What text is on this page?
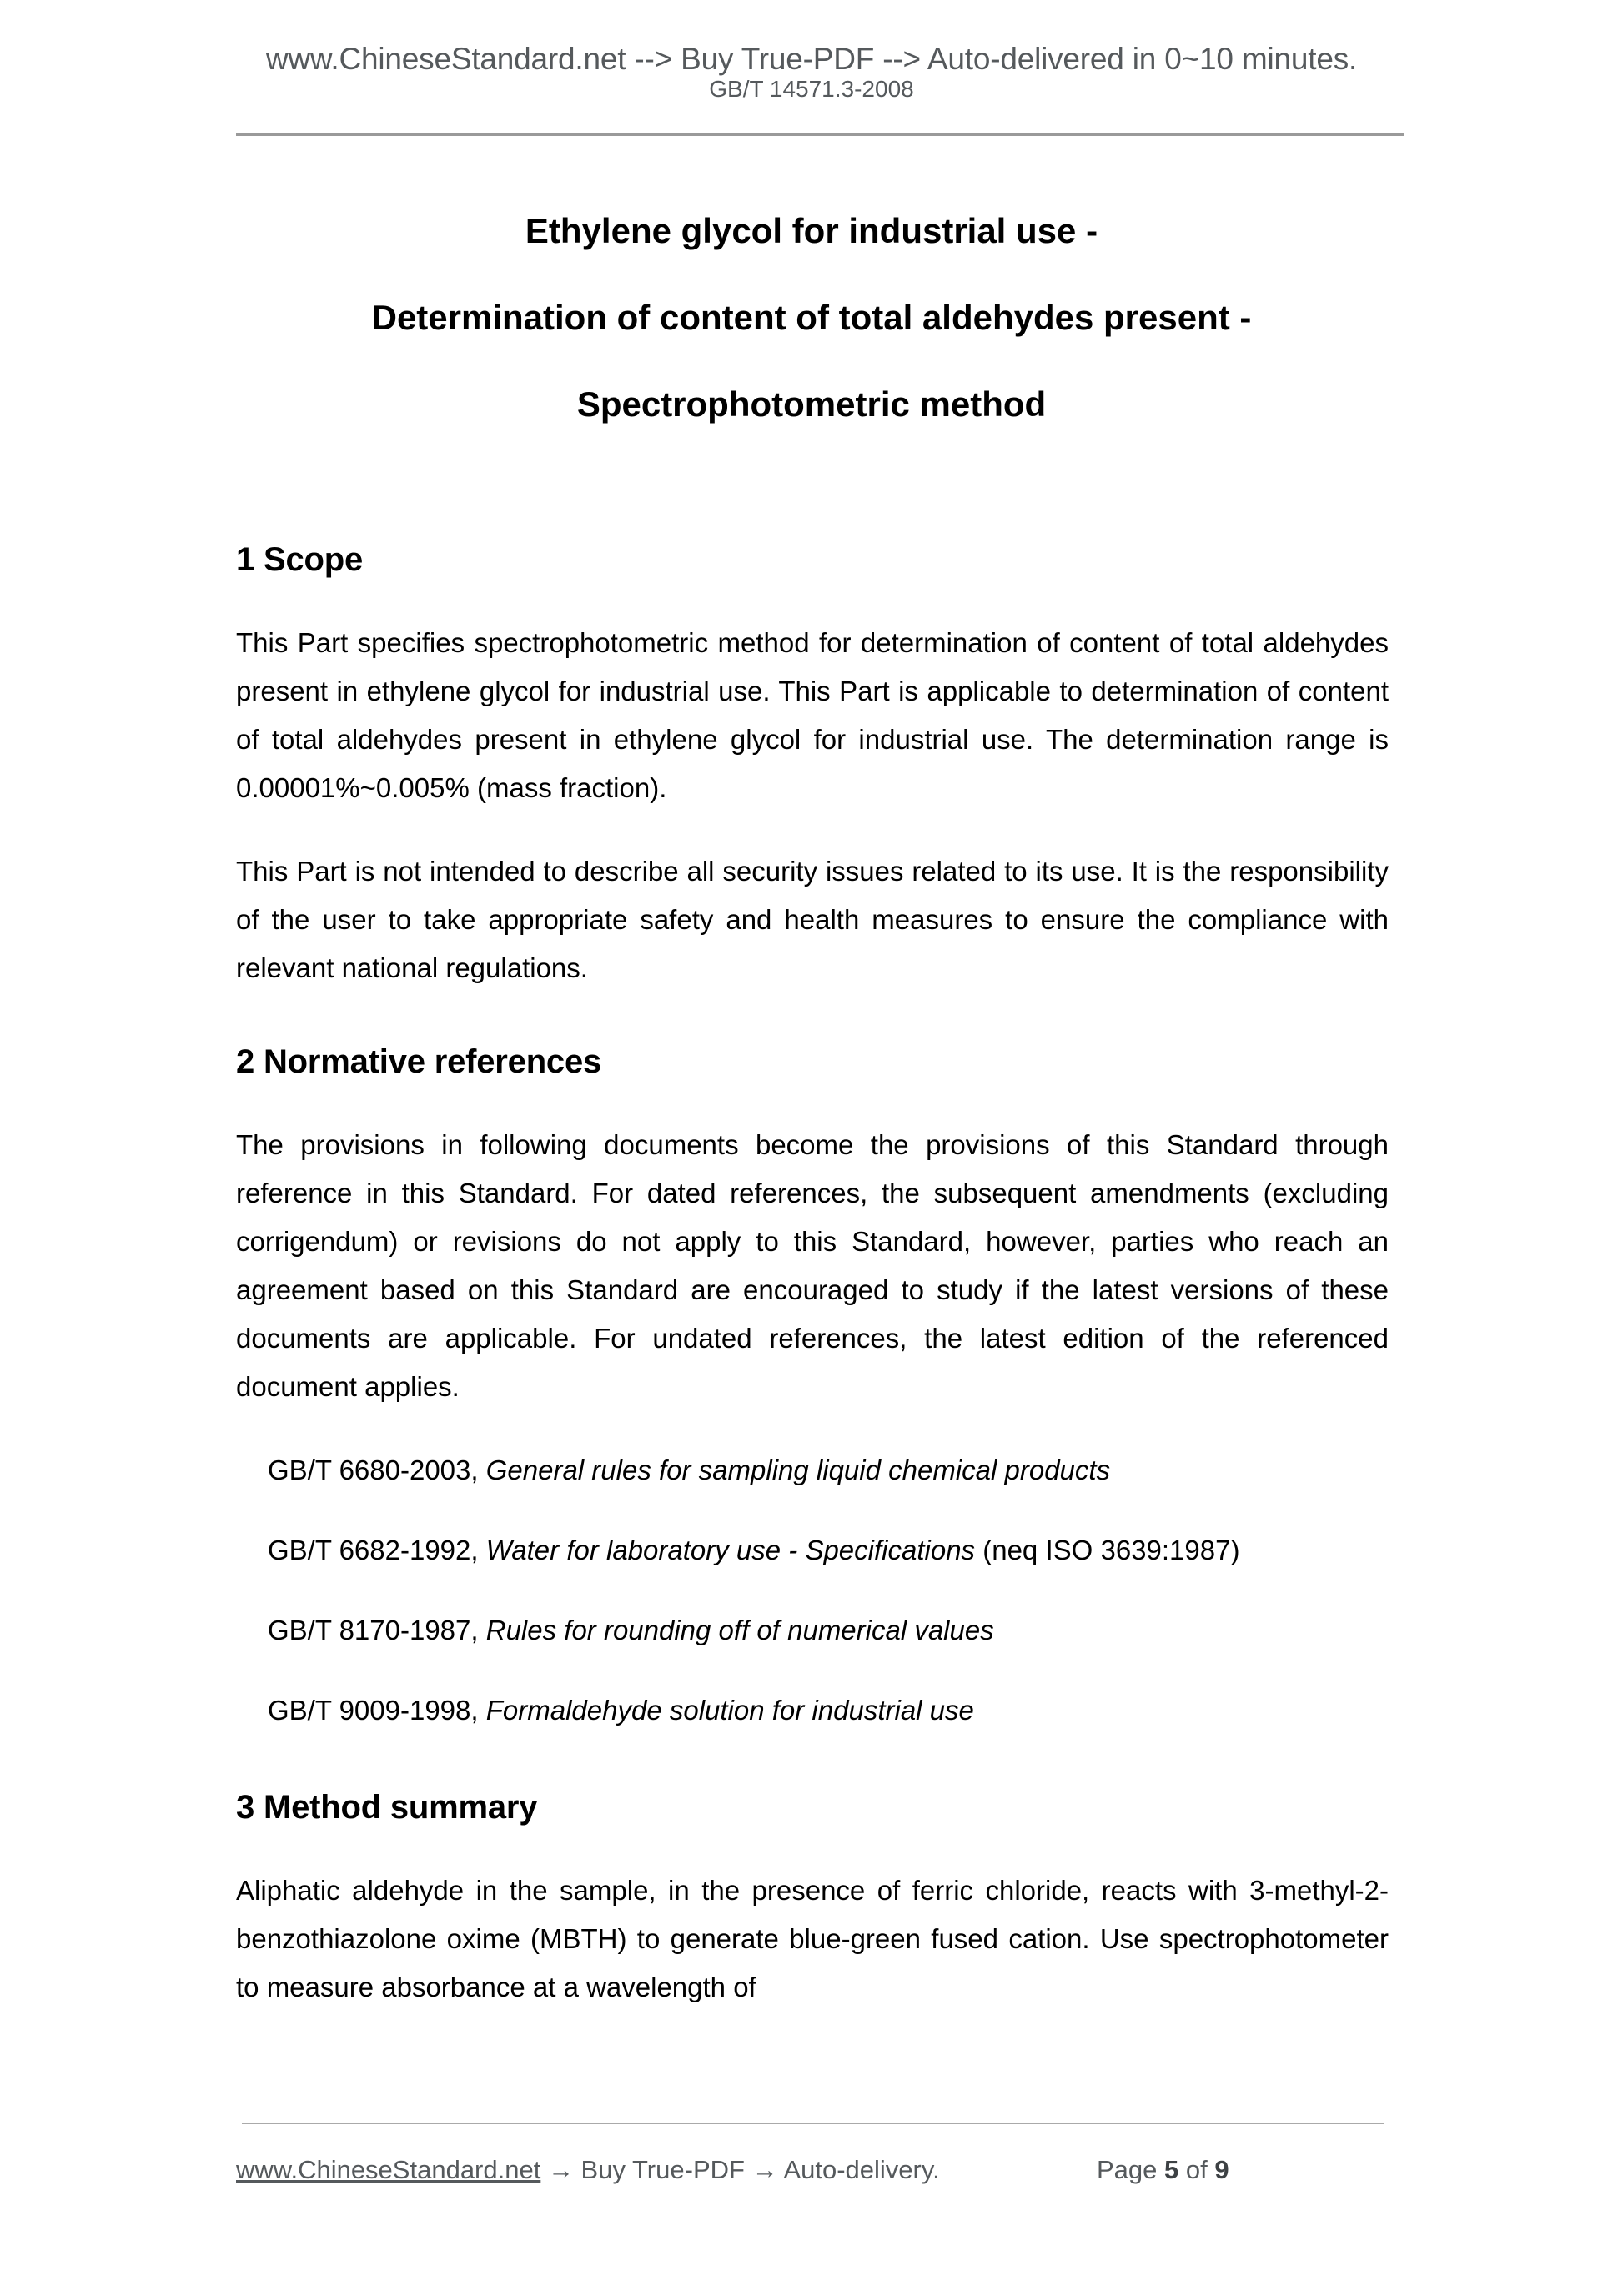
www.ChineseStandard.net --> Buy True-PDF --> Auto-delivered in 0~10 minutes.
GB/T 14571.3-2008
Ethylene glycol for industrial use -
Determination of content of total aldehydes present -
Spectrophotometric method
1 Scope

This Part specifies spectrophotometric method for determination of content of total aldehydes present in ethylene glycol for industrial use. This Part is applicable to determination of content of total aldehydes present in ethylene glycol for industrial use. The determination range is 0.00001%~0.005% (mass fraction).

This Part is not intended to describe all security issues related to its use. It is the responsibility of the user to take appropriate safety and health measures to ensure the compliance with relevant national regulations.

2 Normative references

The provisions in following documents become the provisions of this Standard through reference in this Standard. For dated references, the subsequent amendments (excluding corrigendum) or revisions do not apply to this Standard, however, parties who reach an agreement based on this Standard are encouraged to study if the latest versions of these documents are applicable. For undated references, the latest edition of the referenced document applies.

GB/T 6680-2003, General rules for sampling liquid chemical products
GB/T 6682-1992, Water for laboratory use - Specifications (neq ISO 3639:1987)
GB/T 8170-1987, Rules for rounding off of numerical values
GB/T 9009-1998, Formaldehyde solution for industrial use
3 Method summary

Aliphatic aldehyde in the sample, in the presence of ferric chloride, reacts with 3-methyl-2-benzothiazolone oxime (MBTH) to generate blue-green fused cation. Use spectrophotometer to measure absorbance at a wavelength of

www.ChineseStandard.net → Buy True-PDF → Auto-delivery.	Page 5 of 9
